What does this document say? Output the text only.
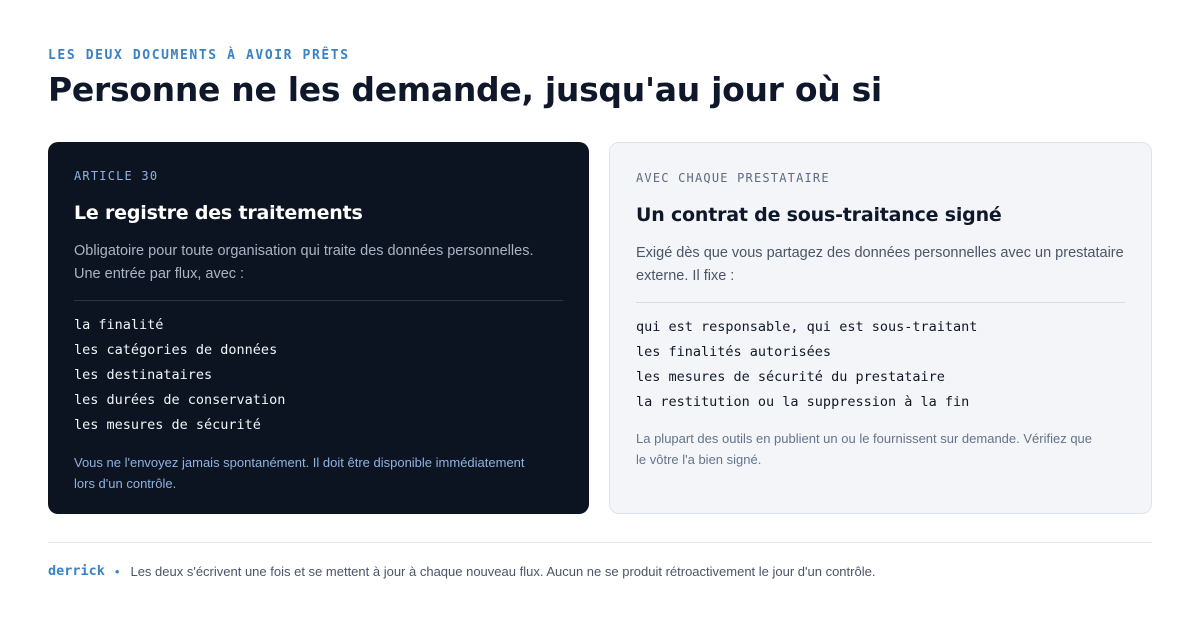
LES DEUX DOCUMENTS À AVOIR PRÊTS
Personne ne les demande, jusqu'au jour où si
ARTICLE 30
Le registre des traitements

Obligatoire pour toute organisation qui traite des données personnelles.
Une entrée par flux, avec :

la finalité
les catégories de données
les destinataires
les durées de conservation
les mesures de sécurité

Vous ne l'envoyez jamais spontanément. Il doit être disponible immédiatement
lors d'un contrôle.

AVEC CHAQUE PRESTATAIRE
Un contrat de sous-traitance signé

Exigé dès que vous partagez des données personnelles avec un prestataire
externe. Il fixe :

qui est responsable, qui est sous-traitant
les finalités autorisées
les mesures de sécurité du prestataire
la restitution ou la suppression à la fin

La plupart des outils en publient un ou le fournissent sur demande. Vérifiez que
le vôtre l'a bien signé.

derrick • Les deux s'écrivent une fois et se mettent à jour à chaque nouveau flux. Aucun ne se produit rétroactivement le jour d'un contrôle.
